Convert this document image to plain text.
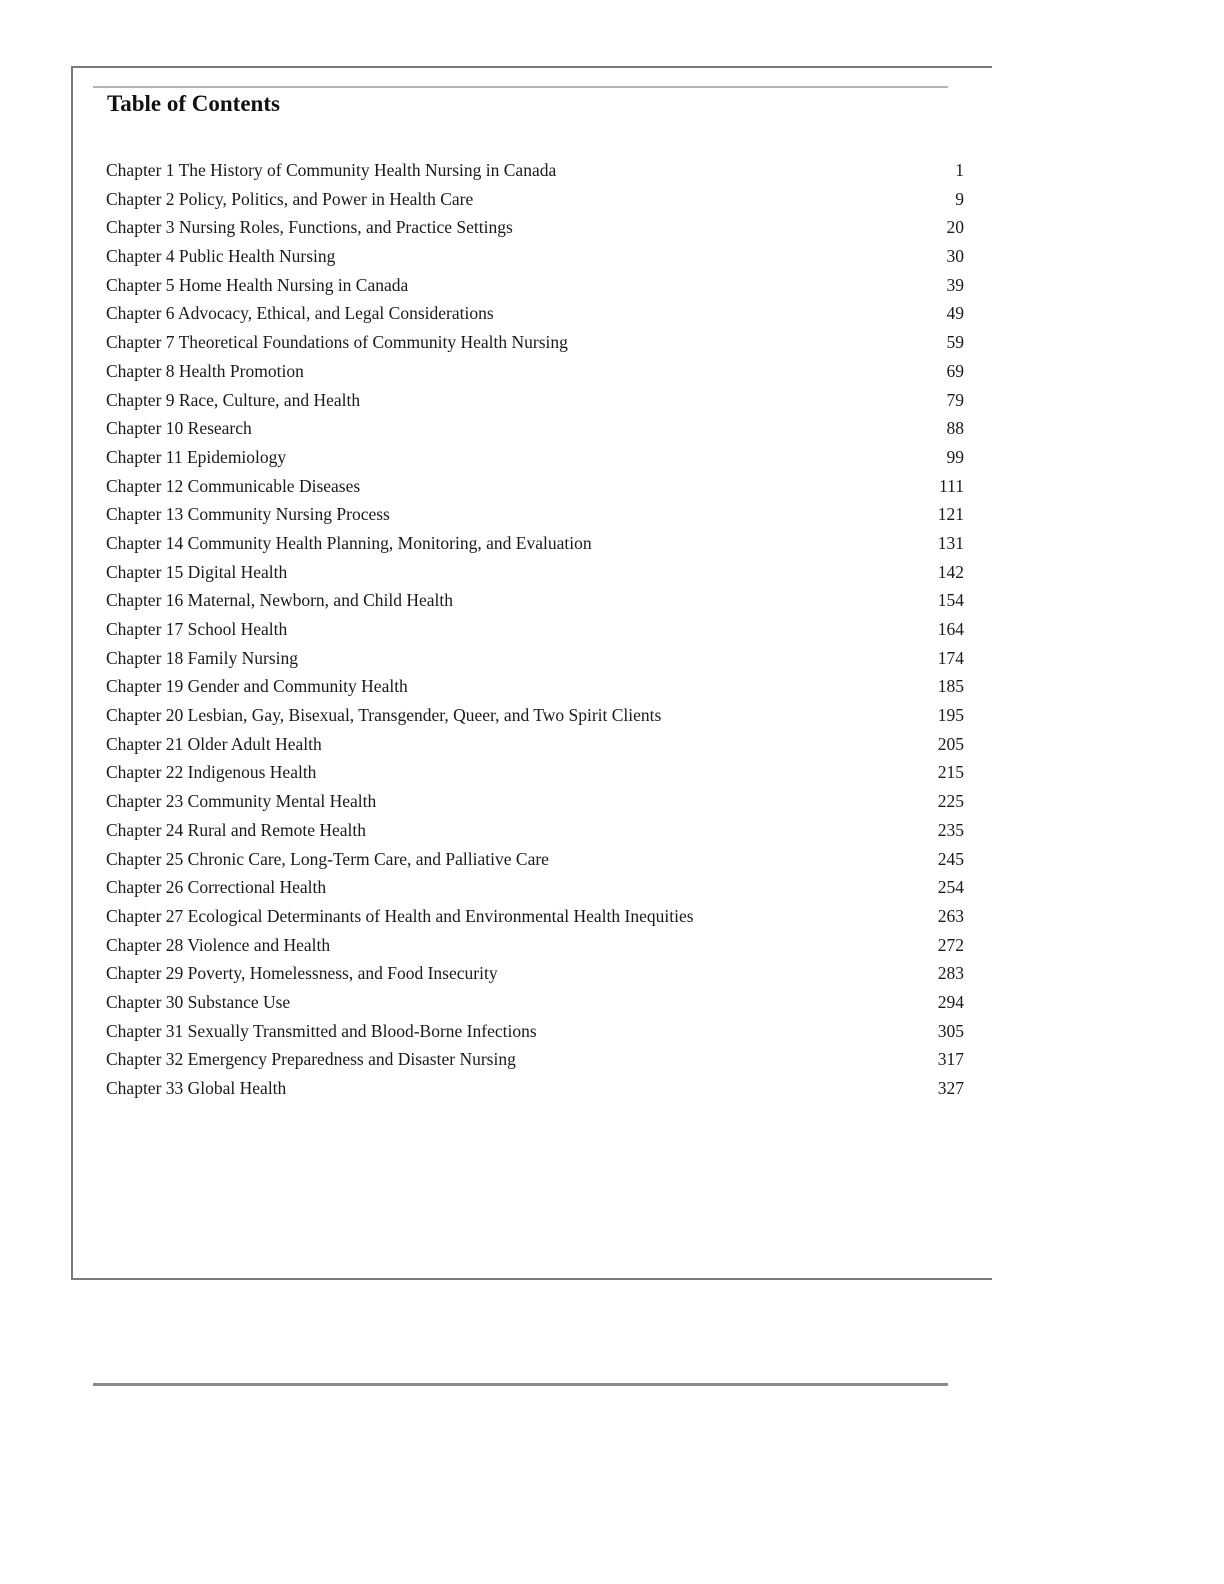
Table of Contents
Chapter 1 The History of Community Health Nursing in Canada	1
Chapter 2 Policy, Politics, and Power in Health Care	9
Chapter 3 Nursing Roles, Functions, and Practice Settings	20
Chapter 4 Public Health Nursing	30
Chapter 5 Home Health Nursing in Canada	39
Chapter 6 Advocacy, Ethical, and Legal Considerations	49
Chapter 7 Theoretical Foundations of Community Health Nursing	59
Chapter 8 Health Promotion	69
Chapter 9 Race, Culture, and Health	79
Chapter 10 Research	88
Chapter 11 Epidemiology	99
Chapter 12 Communicable Diseases	111
Chapter 13 Community Nursing Process	121
Chapter 14 Community Health Planning, Monitoring, and Evaluation	131
Chapter 15 Digital Health	142
Chapter 16 Maternal, Newborn, and Child Health	154
Chapter 17 School Health	164
Chapter 18 Family Nursing	174
Chapter 19 Gender and Community Health	185
Chapter 20 Lesbian, Gay, Bisexual, Transgender, Queer, and Two Spirit Clients	195
Chapter 21 Older Adult Health	205
Chapter 22 Indigenous Health	215
Chapter 23 Community Mental Health	225
Chapter 24 Rural and Remote Health	235
Chapter 25 Chronic Care, Long-Term Care, and Palliative Care	245
Chapter 26 Correctional Health	254
Chapter 27 Ecological Determinants of Health and Environmental Health Inequities	263
Chapter 28 Violence and Health	272
Chapter 29 Poverty, Homelessness, and Food Insecurity	283
Chapter 30 Substance Use	294
Chapter 31 Sexually Transmitted and Blood-Borne Infections	305
Chapter 32 Emergency Preparedness and Disaster Nursing	317
Chapter 33 Global Health	327
